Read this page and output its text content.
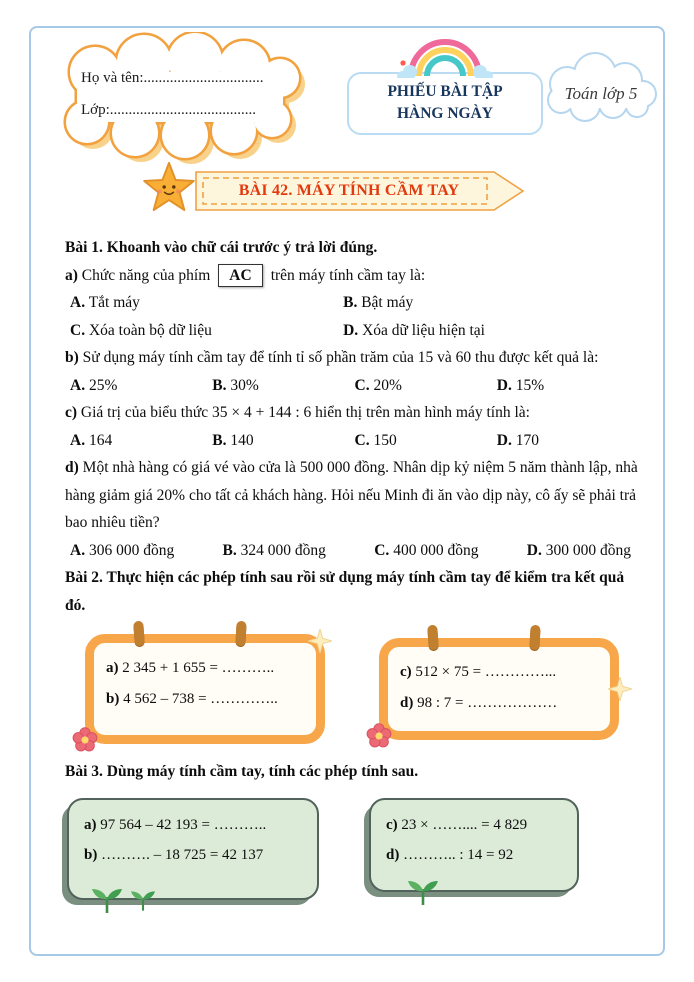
Họ và tên:................................
Lớp:.......................................
PHIẾU BÀI TẬP
HÀNG NGÀY
Toán lớp 5
BÀI 42. MÁY TÍNH CẦM TAY

Bài 1. Khoanh vào chữ cái trước ý trả lời đúng.

a) Chức năng của phím AC trên máy tính cầm tay là:

A. Tắt máy	B. Bật máy
C. Xóa toàn bộ dữ liệu	D. Xóa dữ liệu hiện tại

b) Sử dụng máy tính cầm tay để tính tỉ số phần trăm của 15 và 60 thu được kết quả là:

A. 25%	B. 30%	C. 20%	D. 15%

c) Giá trị của biểu thức 35 × 4 + 144 : 6 hiển thị trên màn hình máy tính là:

A. 164	B. 140	C. 150	D. 170

d) Một nhà hàng có giá vé vào cửa là 500 000 đồng. Nhân dịp kỷ niệm 5 năm thành lập, nhà hàng giảm giá 20% cho tất cả khách hàng. Hỏi nếu Minh đi ăn vào dịp này, cô ấy sẽ phải trả bao nhiêu tiền?

A. 306 000 đồng	B. 324 000 đồng	C. 400 000 đồng	D. 300 000 đồng

Bài 2. Thực hiện các phép tính sau rồi sử dụng máy tính cầm tay để kiểm tra kết quả đó.

a) 2 345 + 1 655 = ………..
b) 4 562 – 738 = …………..
c) 512 × 75 = …………...
d) 98 : 7 = ………………

Bài 3. Dùng máy tính cầm tay, tính các phép tính sau.

a) 97 564 – 42 193 = ………..
b) ………. – 18 725 = 42 137
c) 23 × …….... = 4 829
d) ……….. : 14 = 92
